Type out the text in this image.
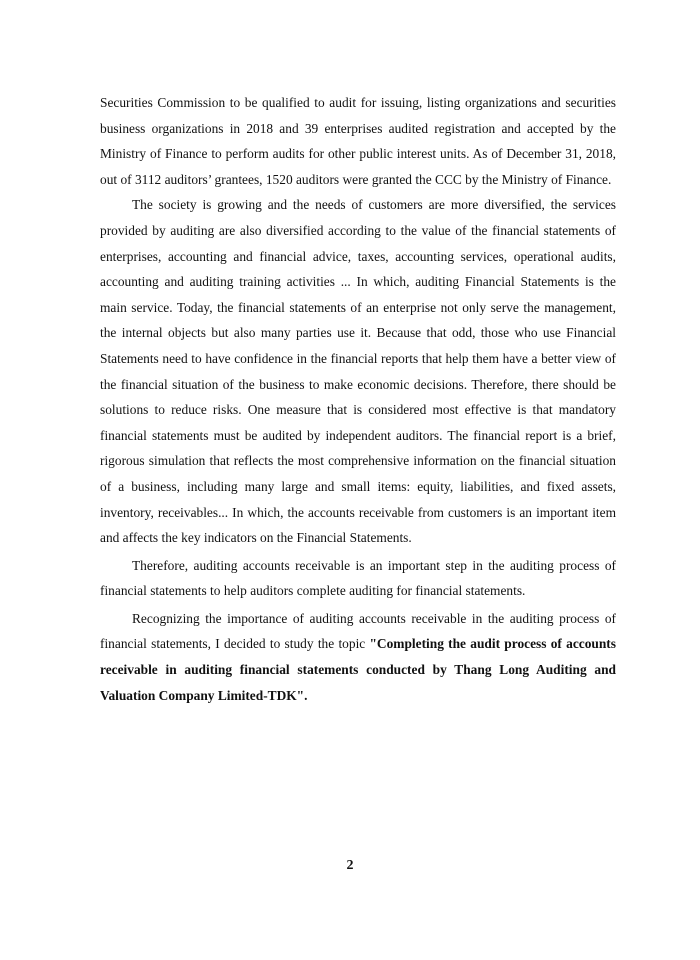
Securities Commission to be qualified to audit for issuing, listing organizations and securities business organizations in 2018 and 39 enterprises audited registration and accepted by the Ministry of Finance to perform audits for other public interest units. As of December 31, 2018, out of 3112 auditors’ grantees, 1520 auditors were granted the CCC by the Ministry of Finance.

The society is growing and the needs of customers are more diversified, the services provided by auditing are also diversified according to the value of the financial statements of enterprises, accounting and financial advice, taxes, accounting services, operational audits, accounting and auditing training activities ... In which, auditing Financial Statements is the main service. Today, the financial statements of an enterprise not only serve the management, the internal objects but also many parties use it. Because that odd, those who use Financial Statements need to have confidence in the financial reports that help them have a better view of the financial situation of the business to make economic decisions. Therefore, there should be solutions to reduce risks. One measure that is considered most effective is that mandatory financial statements must be audited by independent auditors. The financial report is a brief, rigorous simulation that reflects the most comprehensive information on the financial situation of a business, including many large and small items: equity, liabilities, and fixed assets, inventory, receivables... In which, the accounts receivable from customers is an important item and affects the key indicators on the Financial Statements.

Therefore, auditing accounts receivable is an important step in the auditing process of financial statements to help auditors complete auditing for financial statements.

Recognizing the importance of auditing accounts receivable in the auditing process of financial statements, I decided to study the topic "Completing the audit process of accounts receivable in auditing financial statements conducted by Thang Long Auditing and Valuation Company Limited-TDK".

2
